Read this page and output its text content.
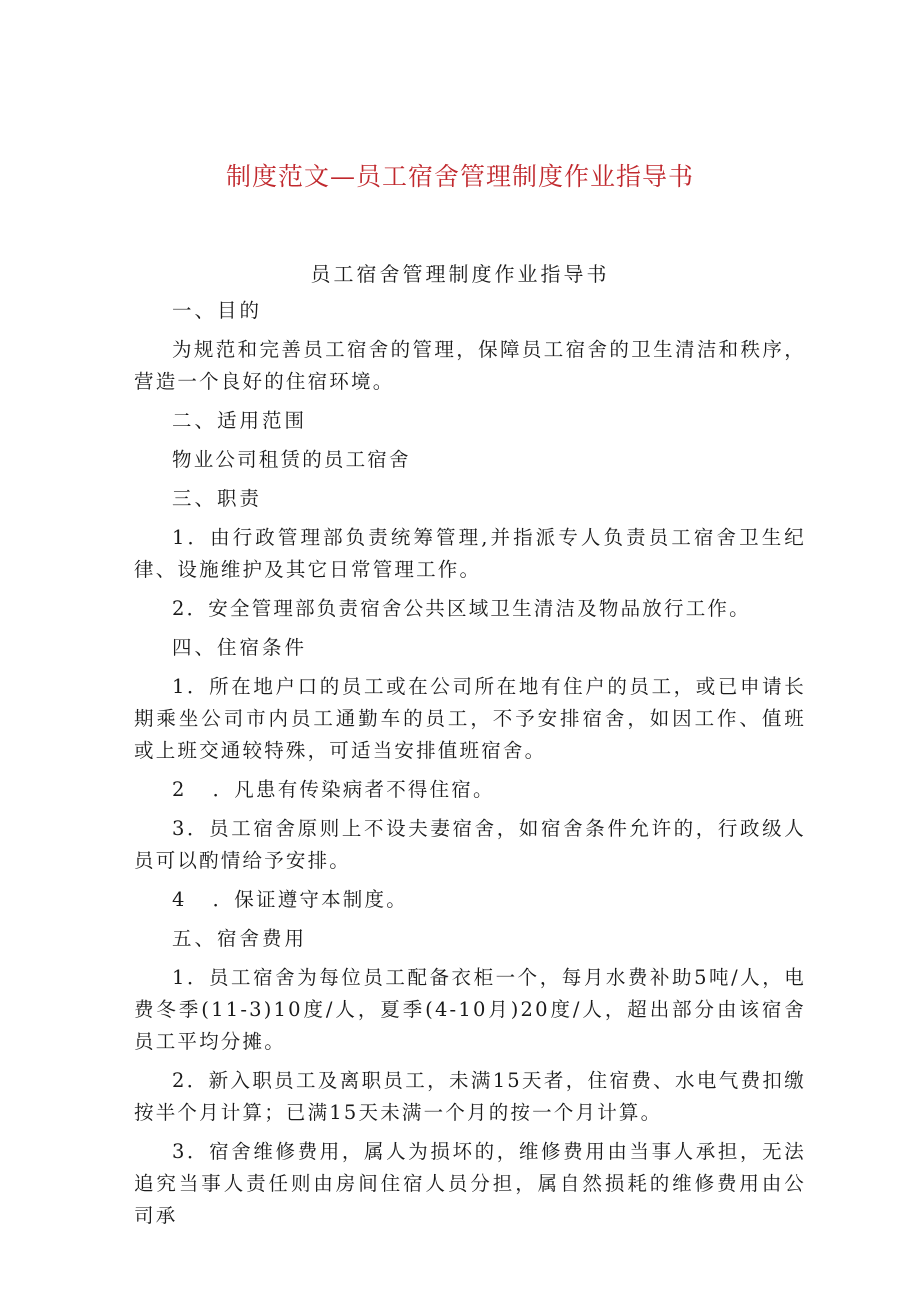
制度范文—员工宿舍管理制度作业指导书
员工宿舍管理制度作业指导书

一、目的

为规范和完善员工宿舍的管理，保障员工宿舍的卫生清洁和秩序，营造一个良好的住宿环境。

二、适用范围

物业公司租赁的员工宿舍

三、职责

1．由行政管理部负责统筹管理,并指派专人负责员工宿舍卫生纪律、设施维护及其它日常管理工作。

2．安全管理部负责宿舍公共区域卫生清洁及物品放行工作。

四、住宿条件

1．所在地户口的员工或在公司所在地有住户的员工，或已申请长期乘坐公司市内员工通勤车的员工，不予安排宿舍，如因工作、值班或上班交通较特殊，可适当安排值班宿舍。

2 ．凡患有传染病者不得住宿。

3．员工宿舍原则上不设夫妻宿舍，如宿舍条件允许的，行政级人员可以酌情给予安排。

4 ．保证遵守本制度。

五、宿舍费用

1．员工宿舍为每位员工配备衣柜一个，每月水费补助5吨/人，电费冬季(11-3)10度/人，夏季(4-10月)20度/人，超出部分由该宿舍员工平均分摊。

2．新入职员工及离职员工，未满15天者，住宿费、水电气费扣缴按半个月计算；已满15天未满一个月的按一个月计算。

3．宿舍维修费用，属人为损坏的，维修费用由当事人承担，无法追究当事人责任则由房间住宿人员分担，属自然损耗的维修费用由公司承
